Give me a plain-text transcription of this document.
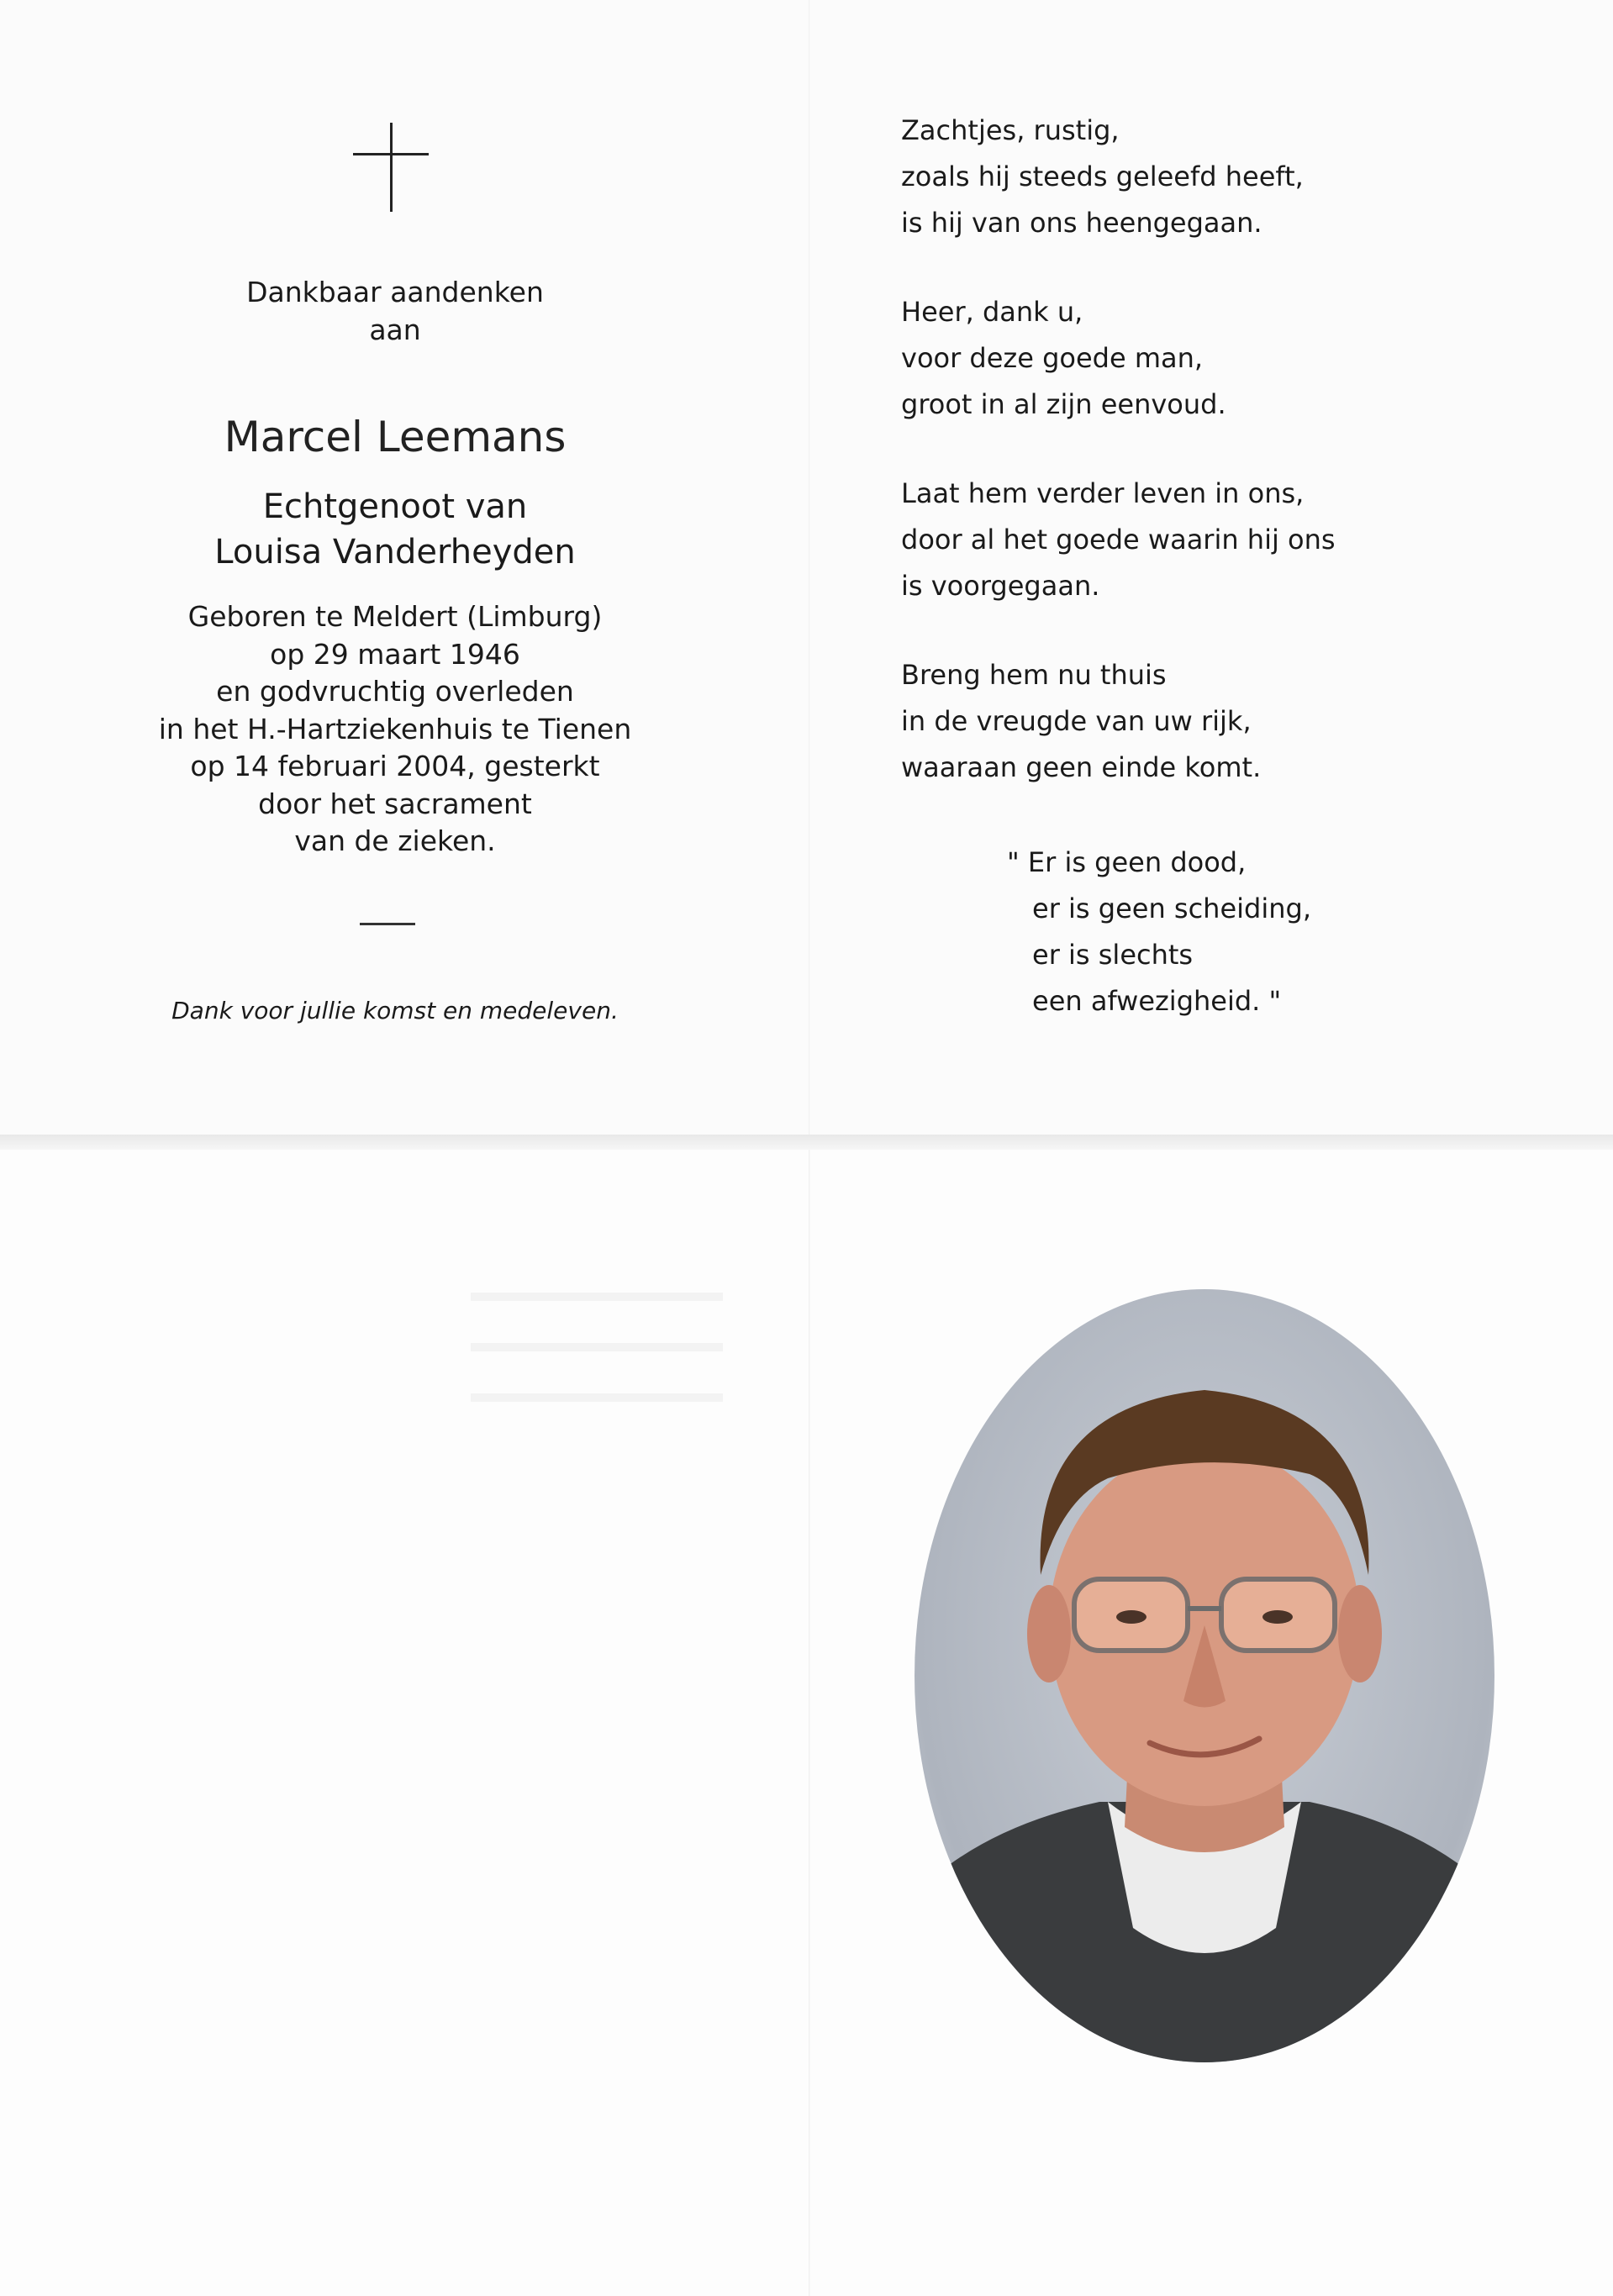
Dankbaar aandenken
aan
Marcel Leemans
Echtgenoot van
Louisa Vanderheyden
Geboren te Meldert (Limburg)
op 29 maart 1946
en godvruchtig overleden
in het H.-Hartziekenhuis te Tienen
op 14 februari 2004, gesterkt
door het sacrament
van de zieken.
Dank voor jullie komst en medeleven.
Zachtjes, rustig,
zoals hij steeds geleefd heeft,
is hij van ons heengegaan.
Heer, dank u,
voor deze goede man,
groot in al zijn eenvoud.
Laat hem verder leven in ons,
door al het goede waarin hij ons
is voorgegaan.
Breng hem nu thuis
in de vreugde van uw rijk,
waaraan geen einde komt.
" Er is geen dood,
er is geen scheiding,
er is slechts
een afwezigheid. "
